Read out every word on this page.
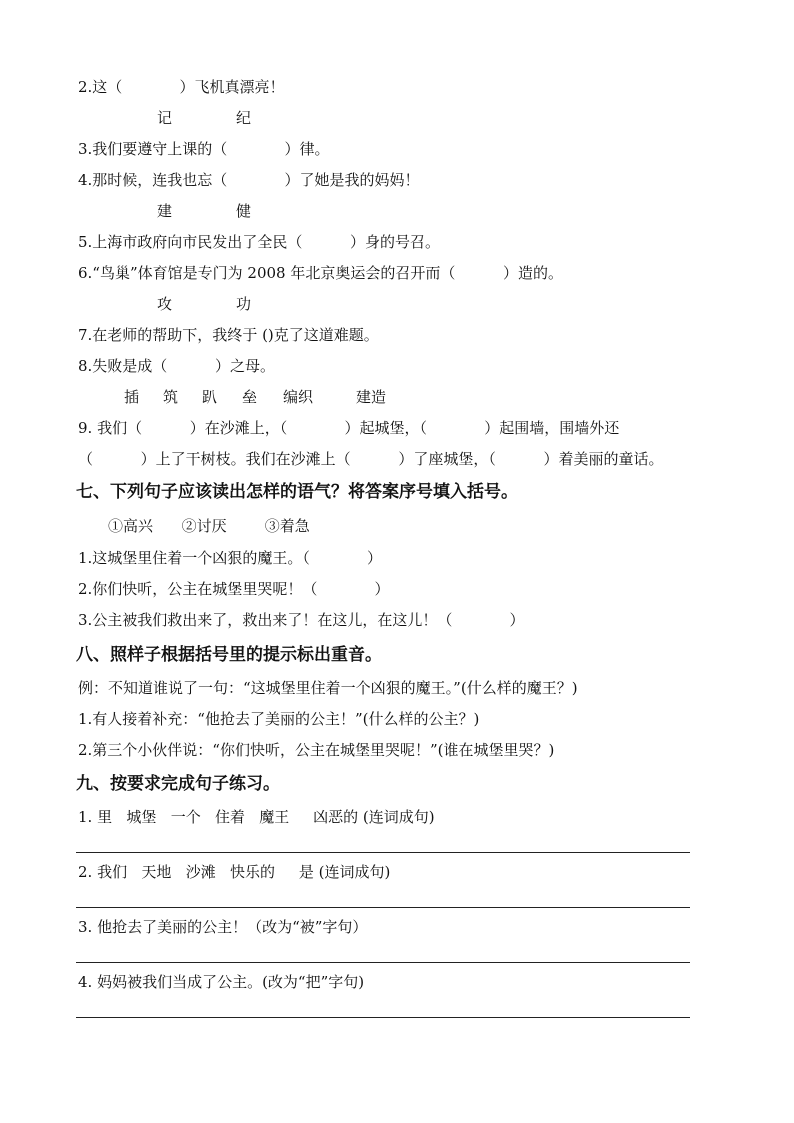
2.这（            ）飞机真漂亮！
记	纪
3.我们要遵守上课的（            ）律。
4.那时候，连我也忘（            ）了她是我的妈妈！
建	健
5.上海市政府向市民发出了全民（          ）身的号召。
6.“鸟巢”体育馆是专门为 2008 年北京奥运会的召开而（          ）造的。
攻	功
7.在老师的帮助下，我终于 ()克了这道难题。
8.失败是成（          ）之母。
插 筑 趴 垒 编织	建造
9. 我们（          ）在沙滩上，（            ）起城堡，（            ）起围墙，围墙外还
（          ）上了干树枝。我们在沙滩上（          ）了座城堡，（          ）着美丽的童话。
七、下列句子应该读出怎样的语气？将答案序号填入括号。
①高兴      ②讨厌        ③着急
1.这城堡里住着一个凶狠的魔王。（            ）
2.你们快听，公主在城堡里哭呢！（            ）
3.公主被我们救出来了，救出来了！在这儿，在这儿！（            ）
八、照样子根据括号里的提示标出重音。
例：不知道谁说了一句：“这城堡里住着一个凶狠的魔王。”(什么样的魔王？)
1.有人接着补充：“他抢去了美丽的公主！”(什么样的公主？)
2.第三个小伙伴说：“你们快听，公主在城堡里哭呢！”(谁在城堡里哭？)
九、按要求完成句子练习。
1. 里   城堡   一个   住着   魔王     凶恶的 (连词成句)
2. 我们   天地   沙滩   快乐的     是 (连词成句)
3. 他抢去了美丽的公主！（改为“被”字句）
4. 妈妈被我们当成了公主。(改为“把”字句)
